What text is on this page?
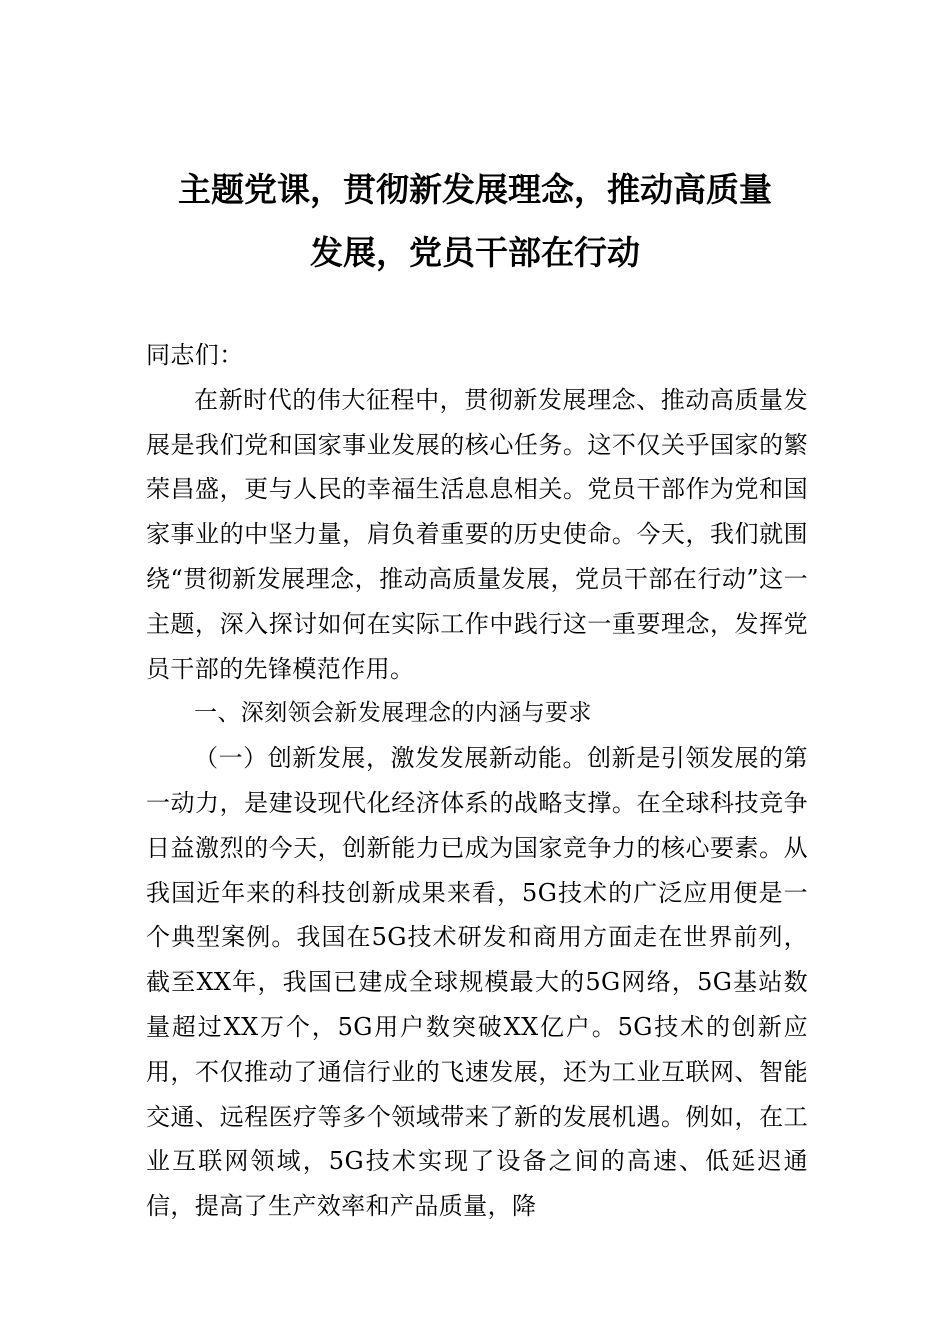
主题党课，贯彻新发展理念，推动高质量
发展，党员干部在行动

同志们：

在新时代的伟大征程中，贯彻新发展理念、推动高质量发展是我们党和国家事业发展的核心任务。这不仅关乎国家的繁荣昌盛，更与人民的幸福生活息息相关。党员干部作为党和国家事业的中坚力量，肩负着重要的历史使命。今天，我们就围绕“贯彻新发展理念，推动高质量发展，党员干部在行动”这一主题，深入探讨如何在实际工作中践行这一重要理念，发挥党员干部的先锋模范作用。

一、深刻领会新发展理念的内涵与要求

（一）创新发展，激发发展新动能。创新是引领发展的第一动力，是建设现代化经济体系的战略支撑。在全球科技竞争日益激烈的今天，创新能力已成为国家竞争力的核心要素。从我国近年来的科技创新成果来看，5G技术的广泛应用便是一个典型案例。我国在5G技术研发和商用方面走在世界前列，截至XX年，我国已建成全球规模最大的5G网络，5G基站数量超过XX万个，5G用户数突破XX亿户。5G技术的创新应用，不仅推动了通信行业的飞速发展，还为工业互联网、智能交通、远程医疗等多个领域带来了新的发展机遇。例如，在工业互联网领域，5G技术实现了设备之间的高速、低延迟通信，提高了生产效率和产品质量，降
